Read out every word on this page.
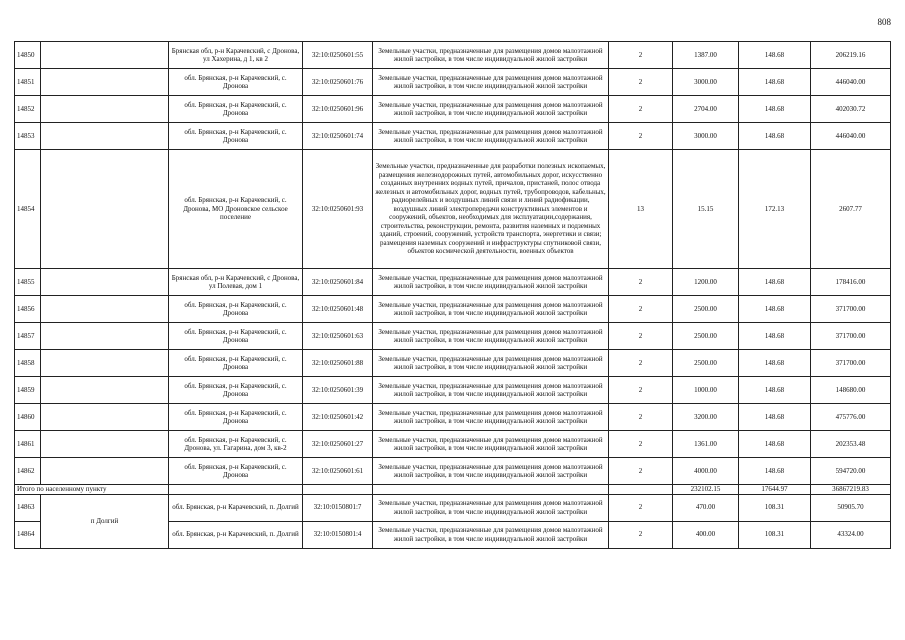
808
14850		Брянская обл, р-н Карачевский, с Дронова, ул Хахерина, д 1, кв 2	32:10:0250601:55	Земельные участки, предназначенные для размещения домов малоэтажной жилой застройки, в том числе индивидуальной жилой застройки	2	1387.00	148.68	206219.16
14851		обл. Брянская, р-н Карачевский, с. Дронова	32:10:0250601:76	Земельные участки, предназначенные для размещения домов малоэтажной жилой застройки, в том числе индивидуальной жилой застройки	2	3000.00	148.68	446040.00
14852		обл. Брянская, р-н Карачевский, с. Дронова	32:10:0250601:96	Земельные участки, предназначенные для размещения домов малоэтажной жилой застройки, в том числе индивидуальной жилой застройки	2	2704.00	148.68	402030.72
14853		обл. Брянская, р-н Карачевский, с. Дронова	32:10:0250601:74	Земельные участки, предназначенные для размещения домов малоэтажной жилой застройки, в том числе индивидуальной жилой застройки	2	3000.00	148.68	446040.00
14854		обл. Брянская, р-н Карачевский, с. Дронова, МО Дроновское сельское поселение	32:10:0250601:93	Земельные участки, предназначенные для разработки полезных ископаемых, размещения железнодорожных путей, автомобильных дорог, искусственно созданных внутренних водных путей, причалов, пристаней, полос отвода железных и автомобильных дорог, водных путей, трубопроводов, кабельных, радиорелейных и воздушных линий связи и линий радиофикации, воздушных линий электропередачи конструктивных элементов и сооружений, объектов, необходимых для эксплуатации,содержания, строительства, реконструкции, ремонта, развития наземных и подземных зданий, строений, сооружений, устройств транспорта, энергетики и связи; размещения наземных сооружений и инфраструктуры спутниковой связи, объектов космической деятельности, военных объектов	13	15.15	172.13	2607.77
14855		Брянская обл, р-н Карачевский, с Дронова, ул Полевая, дом 1	32:10:0250601:84	Земельные участки, предназначенные для размещения домов малоэтажной жилой застройки, в том числе индивидуальной жилой застройки	2	1200.00	148.68	178416.00
14856		обл. Брянская, р-н Карачевский, с. Дронова	32:10:0250601:48	Земельные участки, предназначенные для размещения домов малоэтажной жилой застройки, в том числе индивидуальной жилой застройки	2	2500.00	148.68	371700.00
14857		обл. Брянская, р-н Карачевский, с. Дронова	32:10:0250601:63	Земельные участки, предназначенные для размещения домов малоэтажной жилой застройки, в том числе индивидуальной жилой застройки	2	2500.00	148.68	371700.00
14858		обл. Брянская, р-н Карачевский, с. Дронова	32:10:0250601:88	Земельные участки, предназначенные для размещения домов малоэтажной жилой застройки, в том числе индивидуальной жилой застройки	2	2500.00	148.68	371700.00
14859		обл. Брянская, р-н Карачевский, с. Дронова	32:10:0250601:39	Земельные участки, предназначенные для размещения домов малоэтажной жилой застройки, в том числе индивидуальной жилой застройки	2	1000.00	148.68	148680.00
14860		обл. Брянская, р-н Карачевский, с. Дронова	32:10:0250601:42	Земельные участки, предназначенные для размещения домов малоэтажной жилой застройки, в том числе индивидуальной жилой застройки	2	3200.00	148.68	475776.00
14861		обл. Брянская, р-н Карачевский, с. Дронова, ул. Гагарина, дом 3, кв-2	32:10:0250601:27	Земельные участки, предназначенные для размещения домов малоэтажной жилой застройки, в том числе индивидуальной жилой застройки	2	1361.00	148.68	202353.48
14862		обл. Брянская, р-н Карачевский, с. Дронова	32:10:0250601:61	Земельные участки, предназначенные для размещения домов малоэтажной жилой застройки, в том числе индивидуальной жилой застройки	2	4000.00	148.68	594720.00
Итого по населенному пункту						232102.15	17644.97	36867219.83
14863	п Долгий	обл. Брянская, р-н Карачевский, п. Долгий	32:10:0150801:7	Земельные участки, предназначенные для размещения домов малоэтажной жилой застройки, в том числе индивидуальной жилой застройки	2	470.00	108.31	50905.70
14864		обл. Брянская, р-н Карачевский, п. Долгий	32:10:0150801:4	Земельные участки, предназначенные для размещения домов малоэтажной жилой застройки, в том числе индивидуальной жилой застройки	2	400.00	108.31	43324.00
